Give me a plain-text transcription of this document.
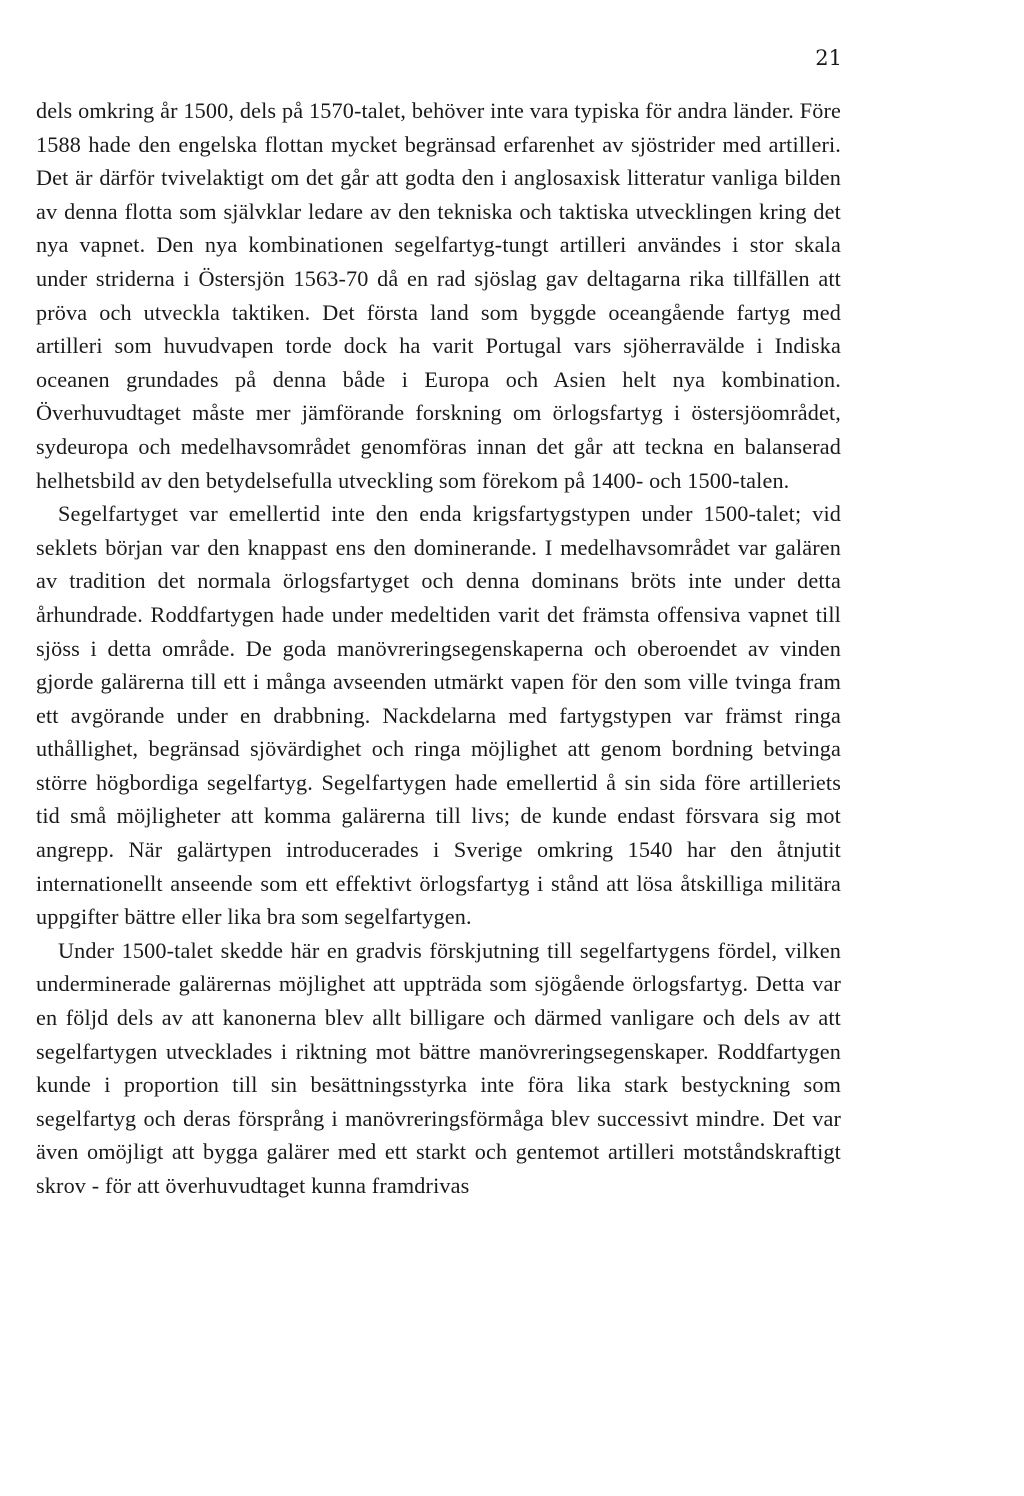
21

dels omkring år 1500, dels på 1570-talet, behöver inte vara typiska för andra länder. Före 1588 hade den engelska flottan mycket begränsad erfarenhet av sjöstrider med artilleri. Det är därför tvivelaktigt om det går att godta den i anglosaxisk litteratur vanliga bilden av denna flotta som självklar ledare av den tekniska och taktiska utvecklingen kring det nya vapnet. Den nya kombinationen segelfartyg-tungt artilleri användes i stor skala under striderna i Östersjön 1563-70 då en rad sjöslag gav deltagarna rika tillfällen att pröva och utveckla taktiken. Det första land som byggde oceangående fartyg med artilleri som huvudvapen torde dock ha varit Portugal vars sjöherravälde i Indiska oceanen grundades på denna både i Europa och Asien helt nya kombination. Överhuvudtaget måste mer jämförande forskning om örlogsfartyg i östersjöområdet, sydeuropa och medelhavsområdet genomföras innan det går att teckna en balanserad helhetsbild av den betydelsefulla utveckling som förekom på 1400- och 1500-talen.

Segelfartyget var emellertid inte den enda krigsfartygstypen under 1500-talet; vid seklets början var den knappast ens den dominerande. I medelhavsområdet var galären av tradition det normala örlogsfartyget och denna dominans bröts inte under detta århundrade. Roddfartygen hade under medeltiden varit det främsta offensiva vapnet till sjöss i detta område. De goda manövreringsegenskaperna och oberoendet av vinden gjorde galärerna till ett i många avseenden utmärkt vapen för den som ville tvinga fram ett avgörande under en drabbning. Nackdelarna med fartygstypen var främst ringa uthållighet, begränsad sjövärdighet och ringa möjlighet att genom bordning betvinga större högbordiga segelfartyg. Segelfartygen hade emellertid å sin sida före artilleriets tid små möjligheter att komma galärerna till livs; de kunde endast försvara sig mot angrepp. När galärtypen introducerades i Sverige omkring 1540 har den åtnjutit internationellt anseende som ett effektivt örlogsfartyg i stånd att lösa åtskilliga militära uppgifter bättre eller lika bra som segelfartygen.

Under 1500-talet skedde här en gradvis förskjutning till segelfartygens fördel, vilken underminerade galärernas möjlighet att uppträda som sjögående örlogsfartyg. Detta var en följd dels av att kanonerna blev allt billigare och därmed vanligare och dels av att segelfartygen utvecklades i riktning mot bättre manövreringsegenskaper. Roddfartygen kunde i proportion till sin besättningsstyrka inte föra lika stark bestyckning som segelfartyg och deras försprång i manövreringsförmåga blev successivt mindre. Det var även omöjligt att bygga galärer med ett starkt och gentemot artilleri motståndskraftigt skrov - för att överhuvudtaget kunna framdrivas
